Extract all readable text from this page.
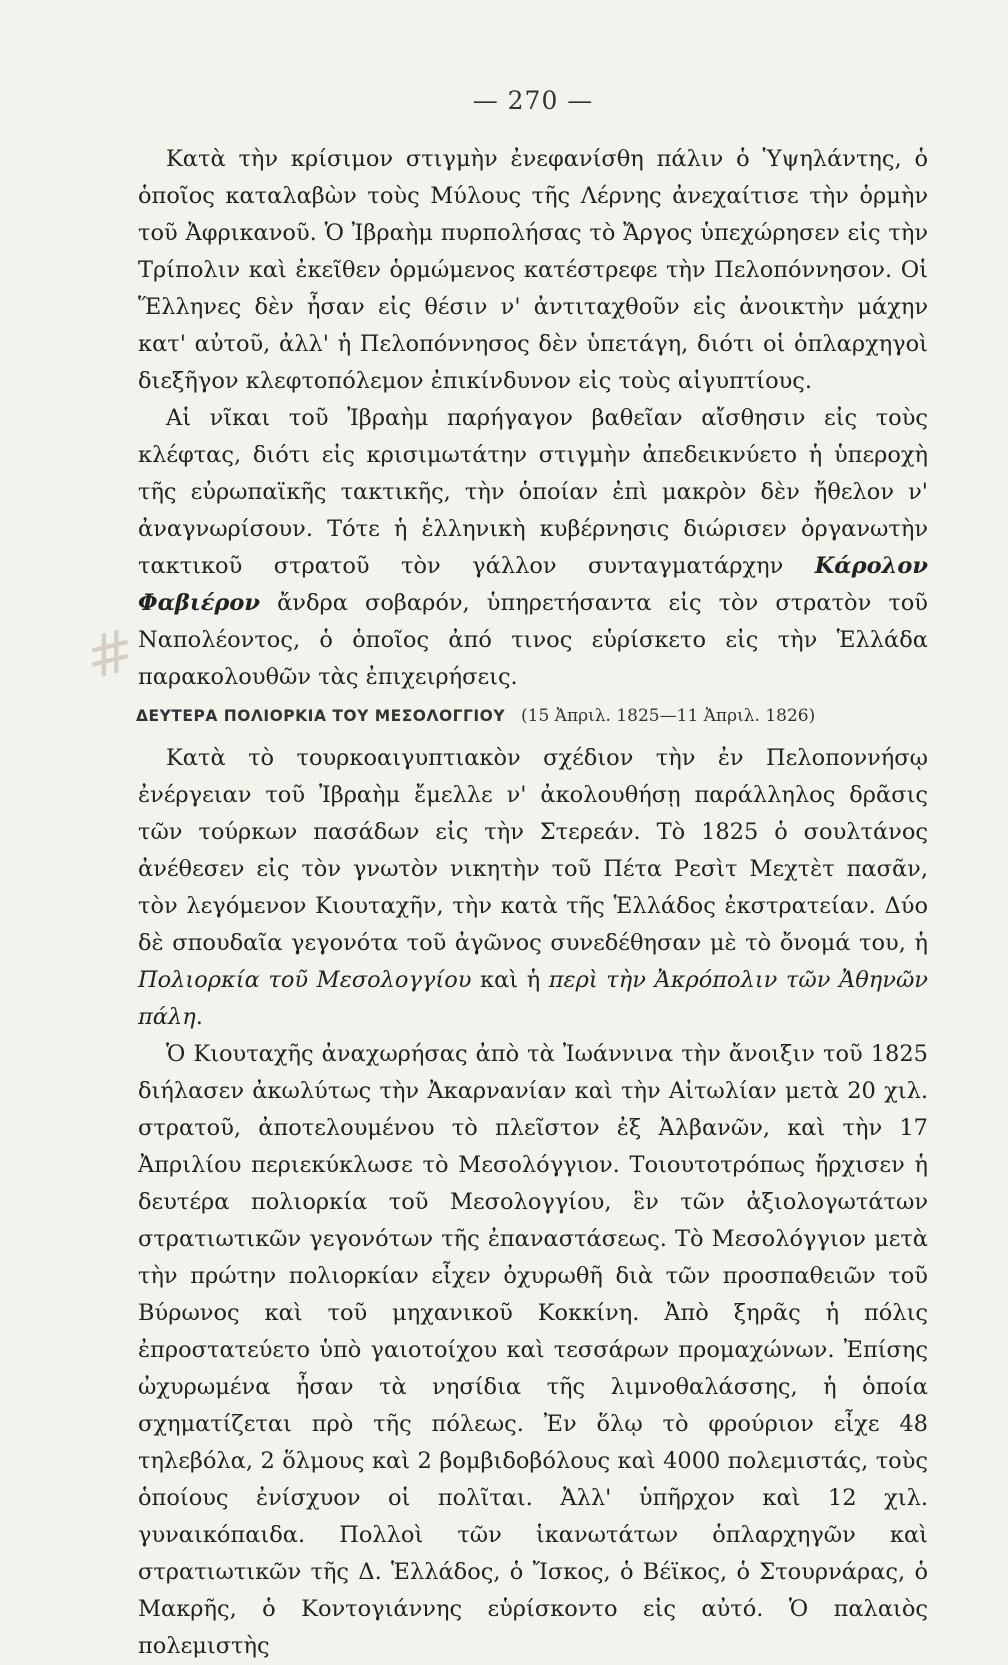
#
— 270 —

Κατὰ τὴν κρίσιμον στιγμὴν ἐνεφανίσθη πάλιν ὁ Ὑψηλάντης, ὁ ὁποῖος καταλαβὼν τοὺς Μύλους τῆς Λέρνης ἀνεχαίτισε τὴν ὁρμὴν τοῦ Ἀφρικανοῦ. Ὁ Ἰβραὴμ πυρπολήσας τὸ Ἄργος ὑπεχώρησεν εἰς τὴν Τρίπολιν καὶ ἐκεῖθεν ὁρμώμενος κατέστρεφε τὴν Πελοπόννησον. Οἱ Ἕλληνες δὲν ἦσαν εἰς θέσιν ν' ἀντιταχθοῦν εἰς ἀνοικτὴν μάχην κατ' αὐτοῦ, ἀλλ' ἡ Πελοπόννησος δὲν ὑπετάγη, διότι οἱ ὁπλαρχηγοὶ διεξῆγον κλεφτοπόλεμον ἐπικίνδυνον εἰς τοὺς αἰγυπτίους.

Αἱ νῖκαι τοῦ Ἰβραὴμ παρήγαγον βαθεῖαν αἴσθησιν εἰς τοὺς κλέφτας, διότι εἰς κρισιμωτάτην στιγμὴν ἀπεδεικνύετο ἡ ὑπεροχὴ τῆς εὐρωπαϊκῆς τακτικῆς, τὴν ὁποίαν ἐπὶ μακρὸν δὲν ἤθελον ν' ἀναγνωρίσουν. Τότε ἡ ἑλληνικὴ κυβέρνησις διώρισεν ὀργανωτὴν τακτικοῦ στρατοῦ τὸν γάλλον συνταγματάρχην Κάρολον Φαβιέρον ἄνδρα σοβαρόν, ὑπηρετήσαντα εἰς τὸν στρατὸν τοῦ Ναπολέοντος, ὁ ὁποῖος ἀπό τινος εὑρίσκετο εἰς τὴν Ἑλλάδα παρακολουθῶν τὰς ἐπιχειρήσεις.

ΔΕΥΤΕΡΑ ΠΟΛΙΟΡΚΙΑ ΤΟΥ ΜΕΣΟΛΟΓΓΙΟΥ (15 Ἀπριλ. 1825—11 Ἀπριλ. 1826)

Κατὰ τὸ τουρκοαιγυπτιακὸν σχέδιον τὴν ἐν Πελοποννήσῳ ἐνέργειαν τοῦ Ἰβραὴμ ἔμελλε ν' ἀκολουθήσῃ παράλληλος δρᾶσις τῶν τούρκων πασάδων εἰς τὴν Στερεάν. Τὸ 1825 ὁ σουλτάνος ἀνέθεσεν εἰς τὸν γνωτὸν νικητὴν τοῦ Πέτα Ρεσὶτ Μεχτὲτ πασᾶν, τὸν λεγόμενον Κιουταχῆν, τὴν κατὰ τῆς Ἑλλάδος ἐκστρατείαν. Δύο δὲ σπουδαῖα γεγονότα τοῦ ἀγῶνος συνεδέθησαν μὲ τὸ ὄνομά του, ἡ Πολιορκία τοῦ Μεσολογγίου καὶ ἡ περὶ τὴν Ἀκρόπολιν τῶν Ἀθηνῶν πάλη.

Ὁ Κιουταχῆς ἀναχωρήσας ἀπὸ τὰ Ἰωάννινα τὴν ἄνοιξιν τοῦ 1825 διήλασεν ἀκωλύτως τὴν Ἀκαρνανίαν καὶ τὴν Αἰτωλίαν μετὰ 20 χιλ. στρατοῦ, ἀποτελουμένου τὸ πλεῖστον ἐξ Ἀλβανῶν, καὶ τὴν 17 Ἀπριλίου περιεκύκλωσε τὸ Μεσολόγγιον. Τοιουτοτρόπως ἤρχισεν ἡ δευτέρα πολιορκία τοῦ Μεσολογγίου, ἓν τῶν ἀξιολογωτάτων στρατιωτικῶν γεγονότων τῆς ἐπαναστάσεως. Τὸ Μεσολόγγιον μετὰ τὴν πρώτην πολιορκίαν εἶχεν ὀχυρωθῆ διὰ τῶν προσπαθειῶν τοῦ Βύρωνος καὶ τοῦ μηχανικοῦ Κοκκίνη. Ἀπὸ ξηρᾶς ἡ πόλις ἐπροστατεύετο ὑπὸ γαιοτοίχου καὶ τεσσάρων προμαχώνων. Ἐπίσης ὠχυρωμένα ἦσαν τὰ νησίδια τῆς λιμνοθαλάσσης, ἡ ὁποία σχηματίζεται πρὸ τῆς πόλεως. Ἐν ὅλῳ τὸ φρούριον εἶχε 48 τηλεβόλα, 2 ὅλμους καὶ 2 βομβιδοβόλους καὶ 4000 πολεμιστάς, τοὺς ὁποίους ἐνίσχυον οἱ πολῖται. Ἀλλ' ὑπῆρχον καὶ 12 χιλ. γυναικόπαιδα. Πολλοὶ τῶν ἱκανωτάτων ὁπλαρχηγῶν καὶ στρατιωτικῶν τῆς Δ. Ἑλλάδος, ὁ Ἴσκος, ὁ Βέϊκος, ὁ Στουρνάρας, ὁ Μακρῆς, ὁ Κοντογιάννης εὑρίσκοντο εἰς αὐτό. Ὁ παλαιὸς πολεμιστὴς
